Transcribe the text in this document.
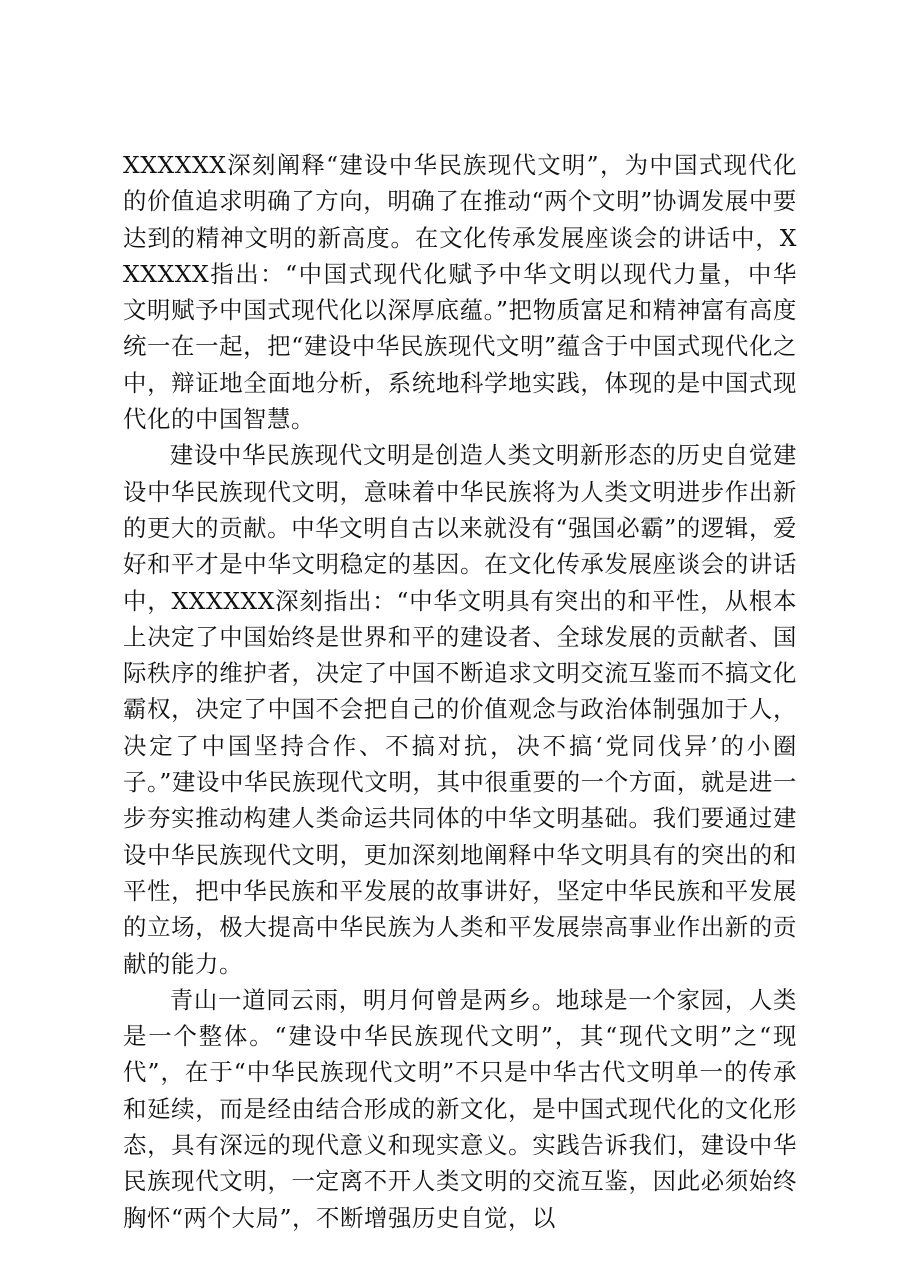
XXXXXX深刻阐释“建设中华民族现代文明”，为中国式现代化的价值追求明确了方向，明确了在推动“两个文明”协调发展中要达到的精神文明的新高度。在文化传承发展座谈会的讲话中，XXXXXX指出：“中国式现代化赋予中华文明以现代力量，中华文明赋予中国式现代化以深厚底蕴。”把物质富足和精神富有高度统一在一起，把“建设中华民族现代文明”蕴含于中国式现代化之中，辩证地全面地分析，系统地科学地实践，体现的是中国式现代化的中国智慧。

建设中华民族现代文明是创造人类文明新形态的历史自觉建设中华民族现代文明，意味着中华民族将为人类文明进步作出新的更大的贡献。中华文明自古以来就没有“强国必霸”的逻辑，爱好和平才是中华文明稳定的基因。在文化传承发展座谈会的讲话中，XXXXXX深刻指出：“中华文明具有突出的和平性，从根本上决定了中国始终是世界和平的建设者、全球发展的贡献者、国际秩序的维护者，决定了中国不断追求文明交流互鉴而不搞文化霸权，决定了中国不会把自己的价值观念与政治体制强加于人，决定了中国坚持合作、不搞对抗，决不搞‘党同伐异’的小圈子。”建设中华民族现代文明，其中很重要的一个方面，就是进一步夯实推动构建人类命运共同体的中华文明基础。我们要通过建设中华民族现代文明，更加深刻地阐释中华文明具有的突出的和平性，把中华民族和平发展的故事讲好，坚定中华民族和平发展的立场，极大提高中华民族为人类和平发展崇高事业作出新的贡献的能力。

青山一道同云雨，明月何曾是两乡。地球是一个家园，人类是一个整体。“建设中华民族现代文明”，其“现代文明”之“现代”，在于“中华民族现代文明”不只是中华古代文明单一的传承和延续，而是经由结合形成的新文化，是中国式现代化的文化形态，具有深远的现代意义和现实意义。实践告诉我们，建设中华民族现代文明，一定离不开人类文明的交流互鉴，因此必须始终胸怀“两个大局”，不断增强历史自觉，以
